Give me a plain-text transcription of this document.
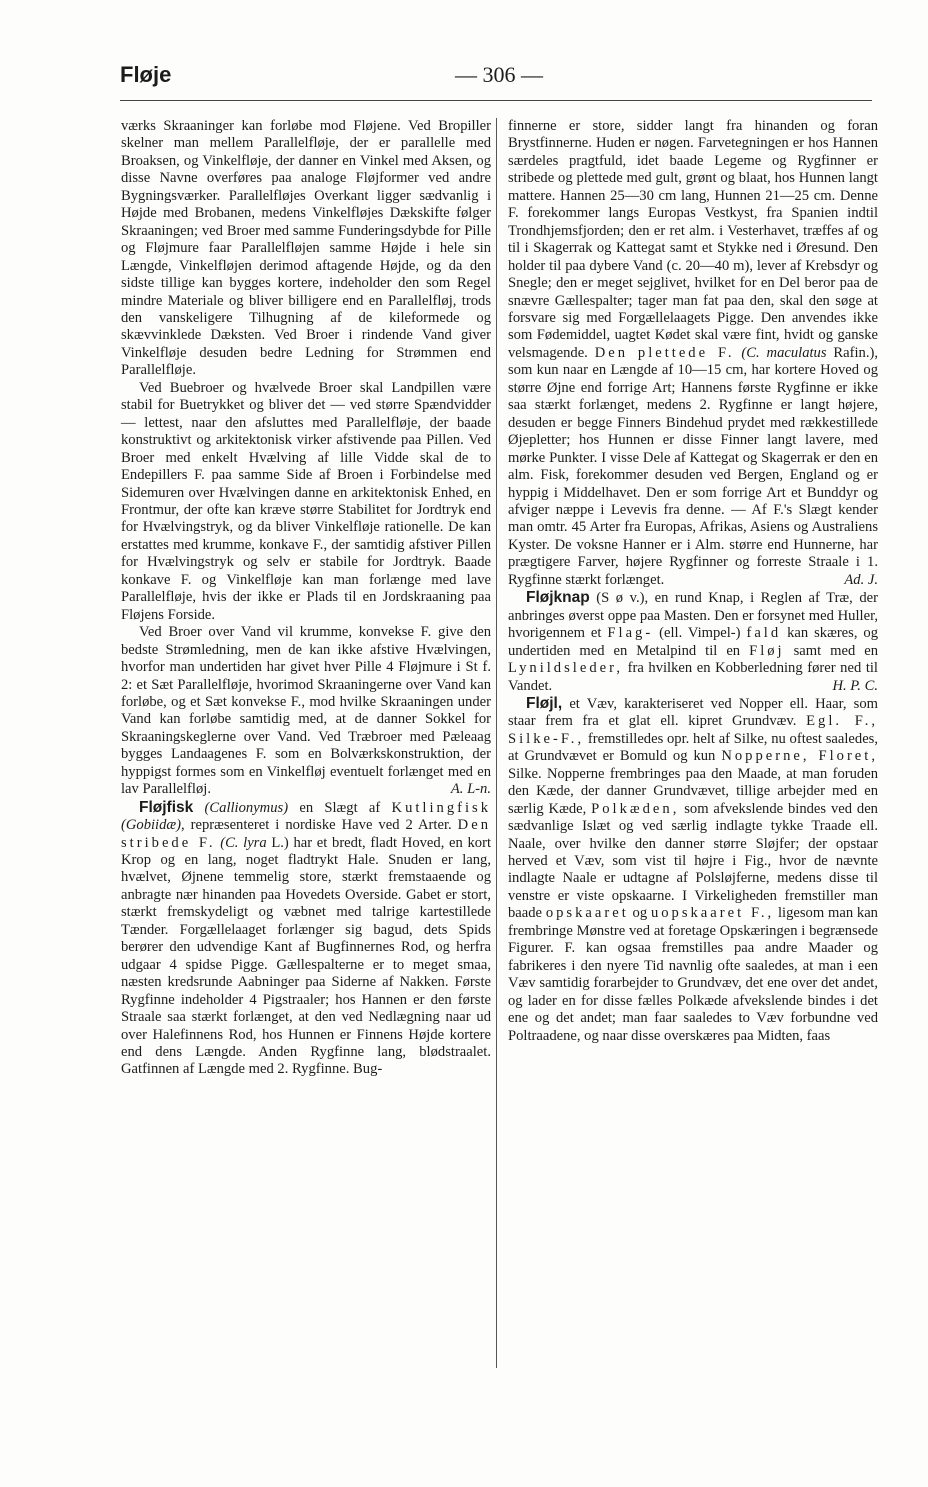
Fløje	— 306 —

værks Skraaninger kan forløbe mod Fløjene. Ved Bropiller skelner man mellem Parallelfløje, der er parallelle med Broaksen, og Vinkelfløje, der danner en Vinkel med Aksen, og disse Navne overføres paa analoge Fløjformer ved andre Bygningsværker. Parallelfløjes Overkant ligger sædvanlig i Højde med Brobanen, medens Vinkelfløjes Dækskifte følger Skraaningen; ved Broer med samme Funderingsdybde for Pille og Fløjmure faar Parallelfløjen samme Højde i hele sin Længde, Vinkelfløjen derimod aftagende Højde, og da den sidste tillige kan bygges kortere, indeholder den som Regel mindre Materiale og bliver billigere end en Parallelfløj, trods den vanskeligere Tilhugning af de kileformede og skævvinklede Dæksten. Ved Broer i rindende Vand giver Vinkelfløje desuden bedre Ledning for Strømmen end Parallelfløje.

Ved Buebroer og hvælvede Broer skal Landpillen være stabil for Buetrykket og bliver det — ved større Spændvidder — lettest, naar den afsluttes med Parallelfløje, der baade konstruktivt og arkitektonisk virker afstivende paa Pillen. Ved Broer med enkelt Hvælving af lille Vidde skal de to Endepillers F. paa samme Side af Broen i Forbindelse med Sidemuren over Hvælvingen danne en arkitektonisk Enhed, en Frontmur, der ofte kan kræve større Stabilitet for Jordtryk end for Hvælvingstryk, og da bliver Vinkelfløje rationelle. De kan erstattes med krumme, konkave F., der samtidig afstiver Pillen for Hvælvingstryk og selv er stabile for Jordtryk. Baade konkave F. og Vinkelfløje kan man forlænge med lave Parallelfløje, hvis der ikke er Plads til en Jordskraaning paa Fløjens Forside.

Ved Broer over Vand vil krumme, konvekse F. give den bedste Strømledning, men de kan ikke afstive Hvælvingen, hvorfor man undertiden har givet hver Pille 4 Fløjmure i St f. 2: et Sæt Parallelfløje, hvorimod Skraaningerne over Vand kan forløbe, og et Sæt konvekse F., mod hvilke Skraaningen under Vand kan forløbe samtidig med, at de danner Sokkel for Skraaningskeglerne over Vand. Ved Træbroer med Pæleaag bygges Landaagenes F. som en Bolværkskonstruktion, der hyppigst formes som en Vinkelfløj eventuelt forlænget med en lav Parallelfløj.	A. L-n.

Fløjfisk (Callionymus) en Slægt af Kutlingfisk (Gobiidæ), repræsenteret i nordiske Have ved 2 Arter. Den stribede F. (C. lyra L.) har et bredt, fladt Hoved, en kort Krop og en lang, noget fladtrykt Hale. Snuden er lang, hvælvet, Øjnene temmelig store, stærkt fremstaaende og anbragte nær hinanden paa Hovedets Overside. Gabet er stort, stærkt fremskydeligt og væbnet med talrige kartestillede Tænder. Forgællelaaget forlænger sig bagud, dets Spids berører den udvendige Kant af Bugfinnernes Rod, og herfra udgaar 4 spidse Pigge. Gællespalterne er to meget smaa, næsten kredsrunde Aabninger paa Siderne af Nakken. Første Rygfinne indeholder 4 Pigstraaler; hos Hannen er den første Straale saa stærkt forlænget, at den ved Nedlægning naar ud over Halefinnens Rod, hos Hunnen er Finnens Højde kortere end dens Længde. Anden Rygfinne lang, blødstraalet. Gatfinnen af Længde med 2. Rygfinne. Bug-

finnerne er store, sidder langt fra hinanden og foran Brystfinnerne. Huden er nøgen. Farvetegningen er hos Hannen særdeles pragtfuld, idet baade Legeme og Rygfinner er stribede og plettede med gult, grønt og blaat, hos Hunnen langt mattere. Hannen 25—30 cm lang, Hunnen 21—25 cm. Denne F. forekommer langs Europas Vestkyst, fra Spanien indtil Trondhjemsfjorden; den er ret alm. i Vesterhavet, træffes af og til i Skagerrak og Kattegat samt et Stykke ned i Øresund. Den holder til paa dybere Vand (c. 20—40 m), lever af Krebsdyr og Snegle; den er meget sejglivet, hvilket for en Del beror paa de snævre Gællespalter; tager man fat paa den, skal den søge at forsvare sig med Forgællelaagets Pigge. Den anvendes ikke som Fødemiddel, uagtet Kødet skal være fint, hvidt og ganske velsmagende. Den plettede F. (C. maculatus Rafin.), som kun naar en Længde af 10—15 cm, har kortere Hoved og større Øjne end forrige Art; Hannens første Rygfinne er ikke saa stærkt forlænget, medens 2. Rygfinne er langt højere, desuden er begge Finners Bindehud prydet med rækkestillede Øjepletter; hos Hunnen er disse Finner langt lavere, med mørke Punkter. I visse Dele af Kattegat og Skagerrak er den en alm. Fisk, forekommer desuden ved Bergen, England og er hyppig i Middelhavet. Den er som forrige Art et Bunddyr og afviger næppe i Levevis fra denne. — Af F.'s Slægt kender man omtr. 45 Arter fra Europas, Afrikas, Asiens og Australiens Kyster. De voksne Hanner er i Alm. større end Hunnerne, har prægtigere Farver, højere Rygfinner og forreste Straale i 1. Rygfinne stærkt forlænget.	Ad. J.

Fløjknap (S ø v.), en rund Knap, i Reglen af Træ, der anbringes øverst oppe paa Masten. Den er forsynet med Huller, hvorigennem et Flag- (ell. Vimpel-) fald kan skæres, og undertiden med en Metalpind til en Fløj samt med en Lynildsleder, fra hvilken en Kobberledning fører ned til Vandet.	H. P. C.

Fløjl, et Væv, karakteriseret ved Nopper ell. Haar, som staar frem fra et glat ell. kipret Grundvæv. Egl. F., Silke-F., fremstilledes opr. helt af Silke, nu oftest saaledes, at Grundvævet er Bomuld og kun Nopperne, Floret, Silke. Nopperne frembringes paa den Maade, at man foruden den Kæde, der danner Grundvævet, tillige arbejder med en særlig Kæde, Polkæden, som afvekslende bindes ved den sædvanlige Islæt og ved særlig indlagte tykke Traade ell. Naale, over hvilke den danner større Sløjfer; der opstaar herved et Væv, som vist til højre i Fig., hvor de nævnte indlagte Naale er udtagne af Polsløjferne, medens disse til venstre er viste opskaarne. I Virkeligheden fremstiller man baade opskaaret og uopskaaret F., ligesom man kan frembringe Mønstre ved at foretage Opskæringen i begrænsede Figurer. F. kan ogsaa fremstilles paa andre Maader og fabrikeres i den nyere Tid navnlig ofte saaledes, at man i een Væv samtidig forarbejder to Grundvæv, det ene over det andet, og lader en for disse fælles Polkæde afvekslende bindes i det ene og det andet; man faar saaledes to Væv forbundne ved Poltraadene, og naar disse overskæres paa Midten, faas
